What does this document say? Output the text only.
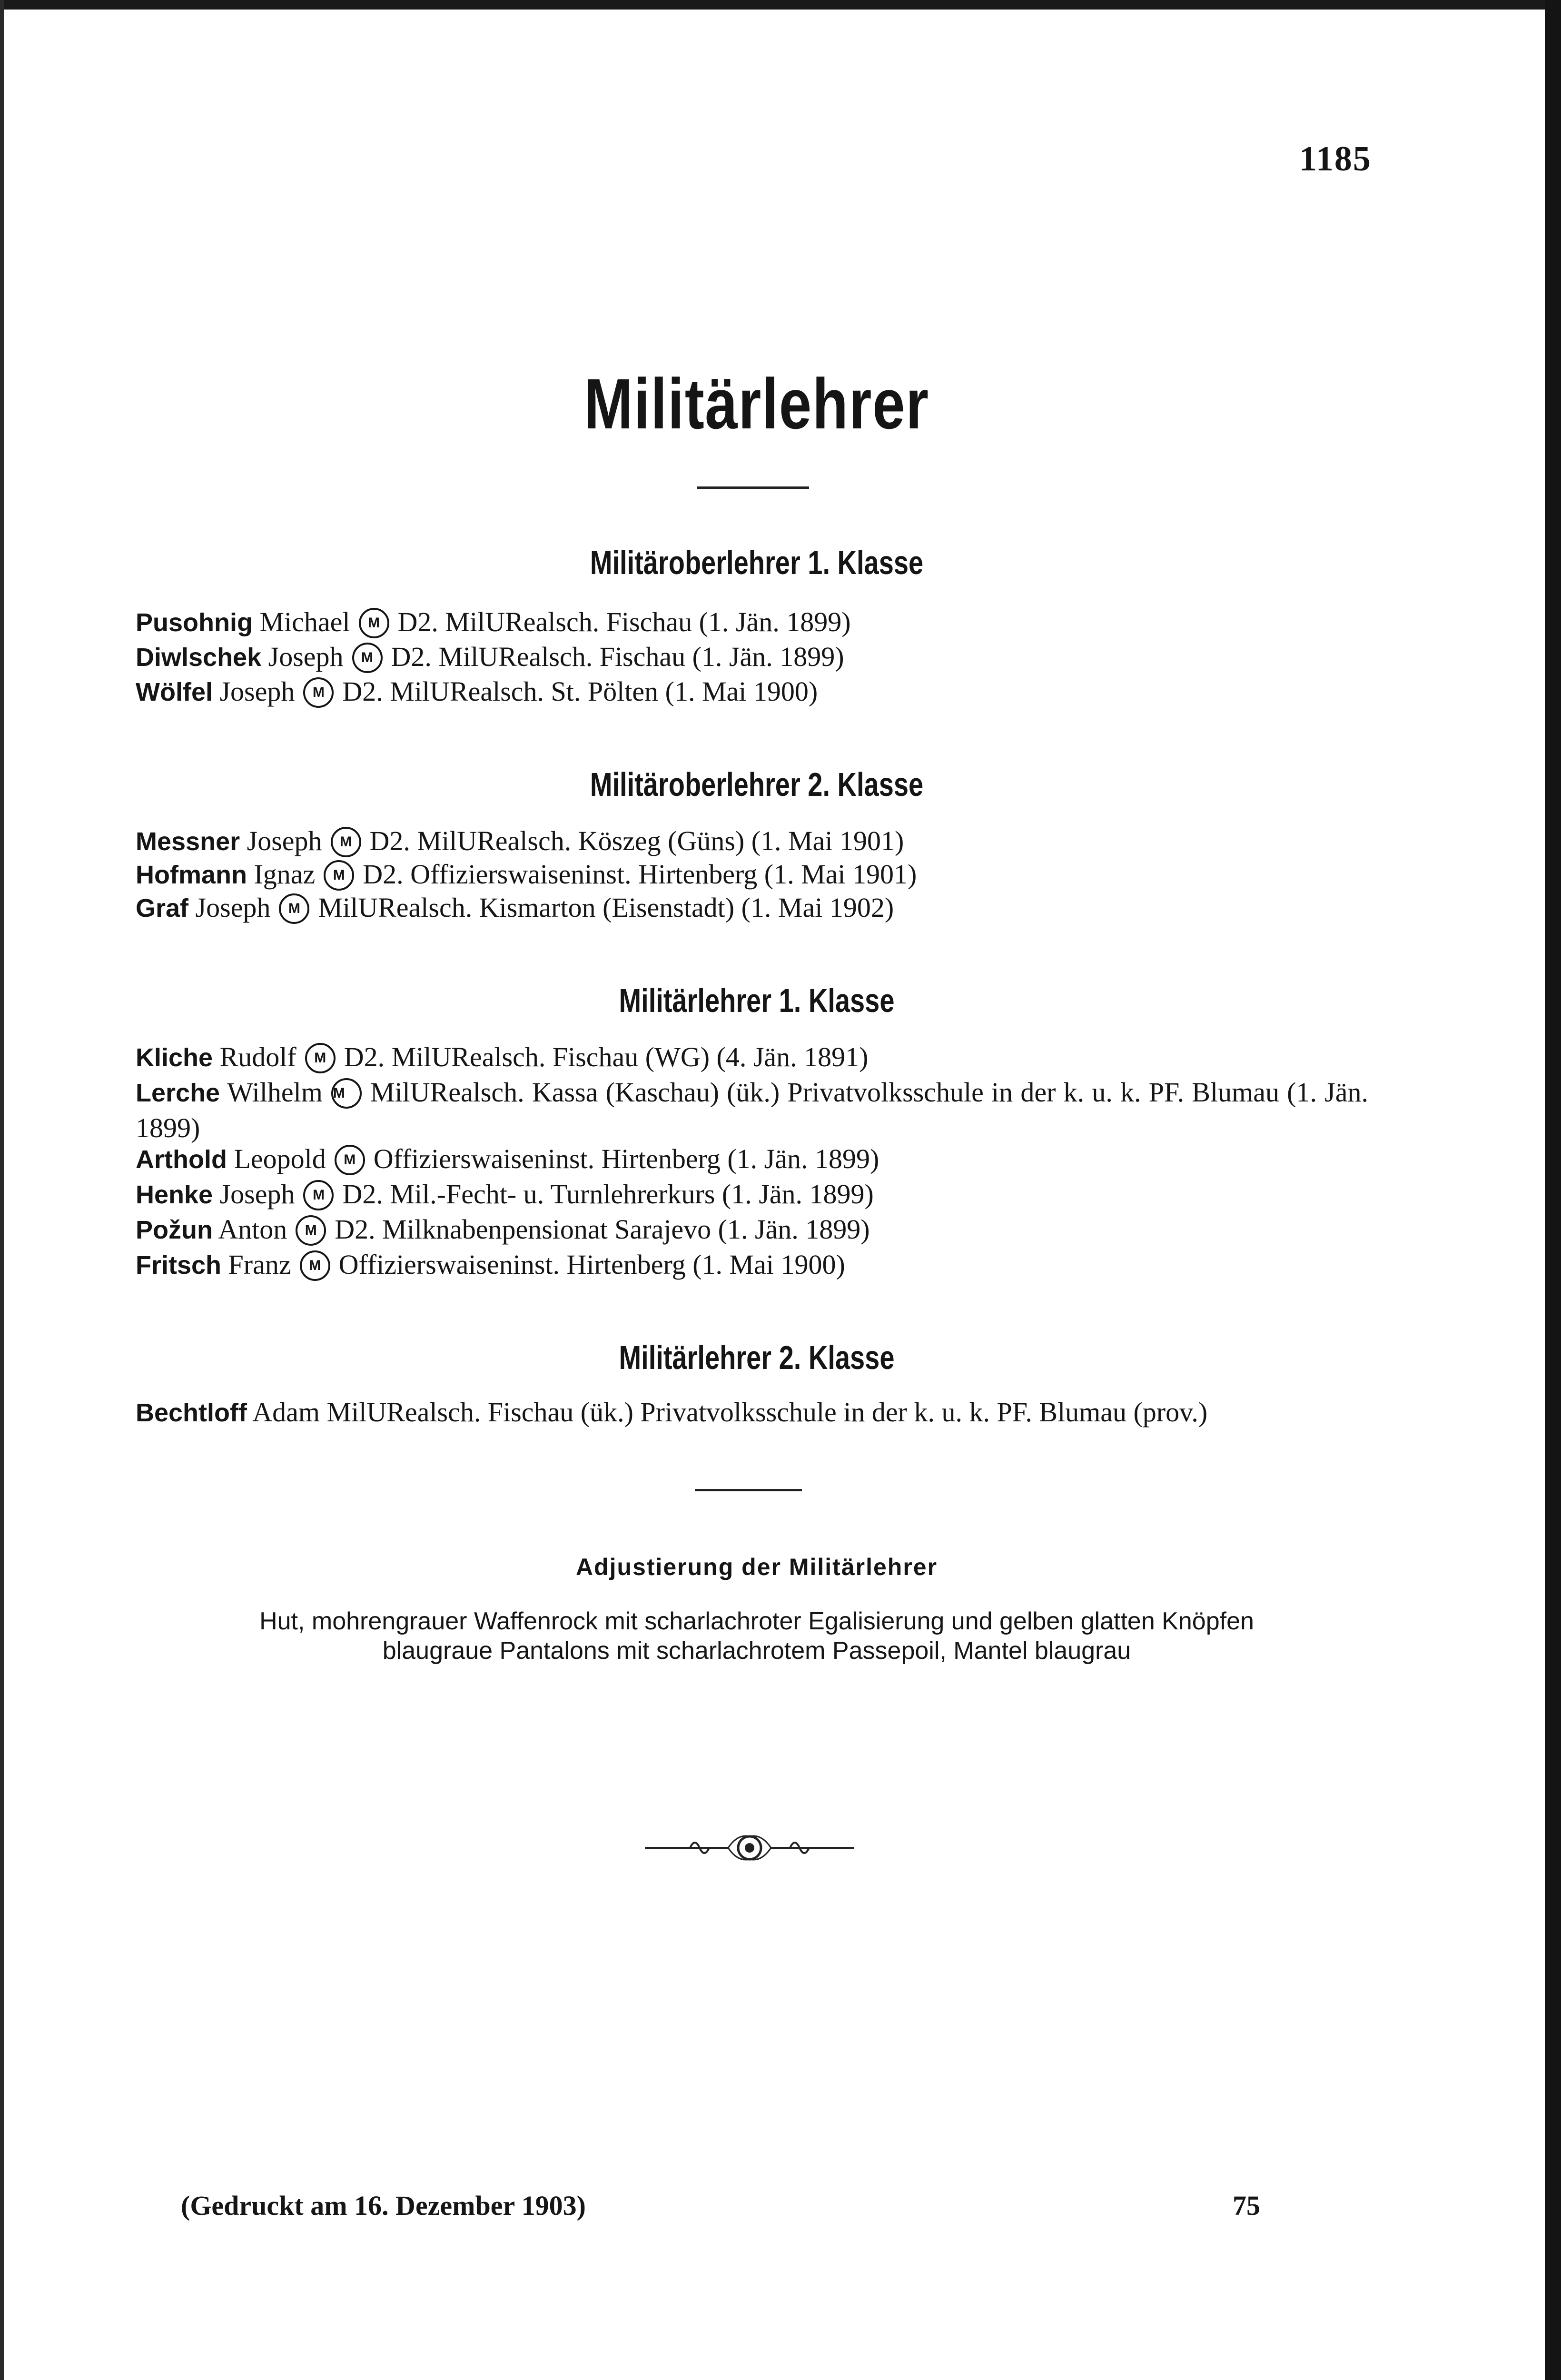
1185
Militärlehrer
Militäroberlehrer 1. Klasse
Pusohnig Michael M D2. MilURealsch. Fischau (1. Jän. 1899)
Diwlschek Joseph M D2. MilURealsch. Fischau (1. Jän. 1899)
Wölfel Joseph M D2. MilURealsch. St. Pölten (1. Mai 1900)
Militäroberlehrer 2. Klasse
Messner Joseph M D2. MilURealsch. Köszeg (Güns) (1. Mai 1901)
Hofmann Ignaz M D2. Offizierswaiseninst. Hirtenberg (1. Mai 1901)
Graf Joseph M MilURealsch. Kismarton (Eisenstadt) (1. Mai 1902)
Militärlehrer 1. Klasse
Kliche Rudolf M D2. MilURealsch. Fischau (WG) (4. Jän. 1891)
Lerche Wilhelm M MilURealsch. Kassa (Kaschau) (ük.) Privatvolksschule in der k. u. k. PF. Blumau (1. Jän. 1899)
Arthold Leopold M Offizierswaiseninst. Hirtenberg (1. Jän. 1899)
Henke Joseph M D2. Mil.-Fecht- u. Turnlehrerkurs (1. Jän. 1899)
Požun Anton M D2. Milknabenpensionat Sarajevo (1. Jän. 1899)
Fritsch Franz M Offizierswaiseninst. Hirtenberg (1. Mai 1900)
Militärlehrer 2. Klasse
Bechtloff Adam MilURealsch. Fischau (ük.) Privatvolksschule in der k. u. k. PF. Blumau (prov.)
Adjustierung der Militärlehrer
Hut, mohrengrauer Waffenrock mit scharlachroter Egalisierung und gelben glatten Knöpfen
blaugraue Pantalons mit scharlachrotem Passepoil, Mantel blaugrau
(Gedruckt am 16. Dezember 1903)	75
